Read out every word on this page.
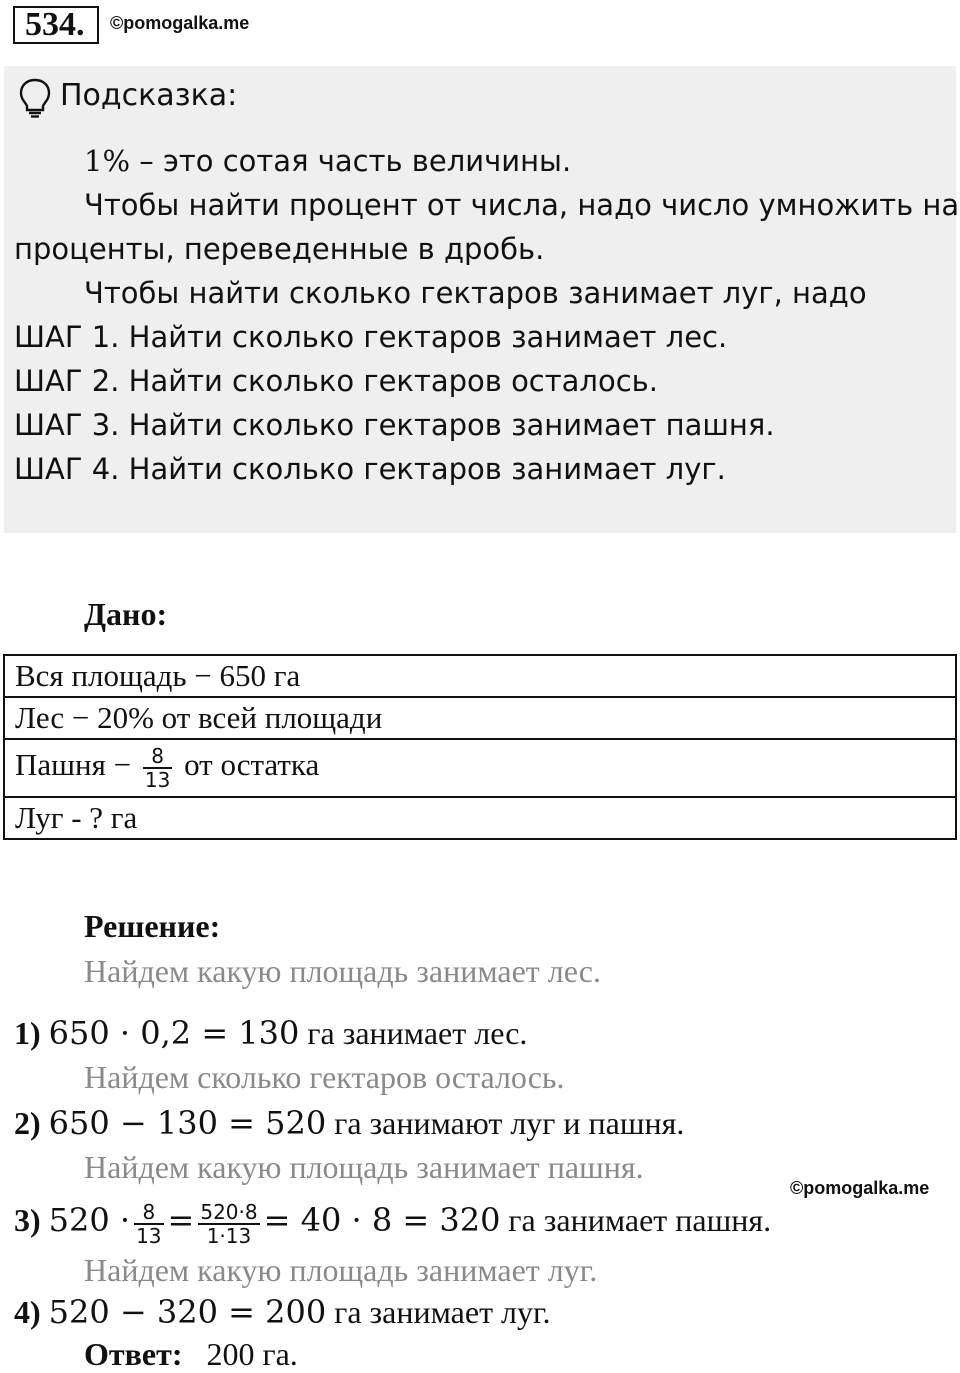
534.	©pomogalka.me
Подсказка:
1% – это сотая часть величины.
Чтобы найти процент от числа, надо число умножить на
проценты, переведенные в дробь.
Чтобы найти сколько гектаров занимает луг, надо
ШАГ 1. Найти сколько гектаров занимает лес.
ШАГ 2. Найти сколько гектаров осталось.
ШАГ 3. Найти сколько гектаров занимает пашня.
ШАГ 4. Найти сколько гектаров занимает луг.
Дано:
Вся площадь − 650 га
Лес − 20% от всей площади
Пашня − $\frac{8}{13}$ от остатка
Луг - ? га
Решение:
Найдем какую площадь занимает лес.
1) 650 · 0,2 = 130 га занимает лес.
Найдем сколько гектаров осталось.
2) 650 − 130 = 520 га занимают луг и пашня.
Найдем какую площадь занимает пашня.
©pomogalka.me
3) $520 \cdot \frac{8}{13} = \frac{520\cdot 8}{1\cdot 13} = 40 \cdot 8 = 320$ га занимает пашня.
Найдем какую площадь занимает луг.
4) 520 − 320 = 200 га занимает луг.
Ответ: 200 га.
